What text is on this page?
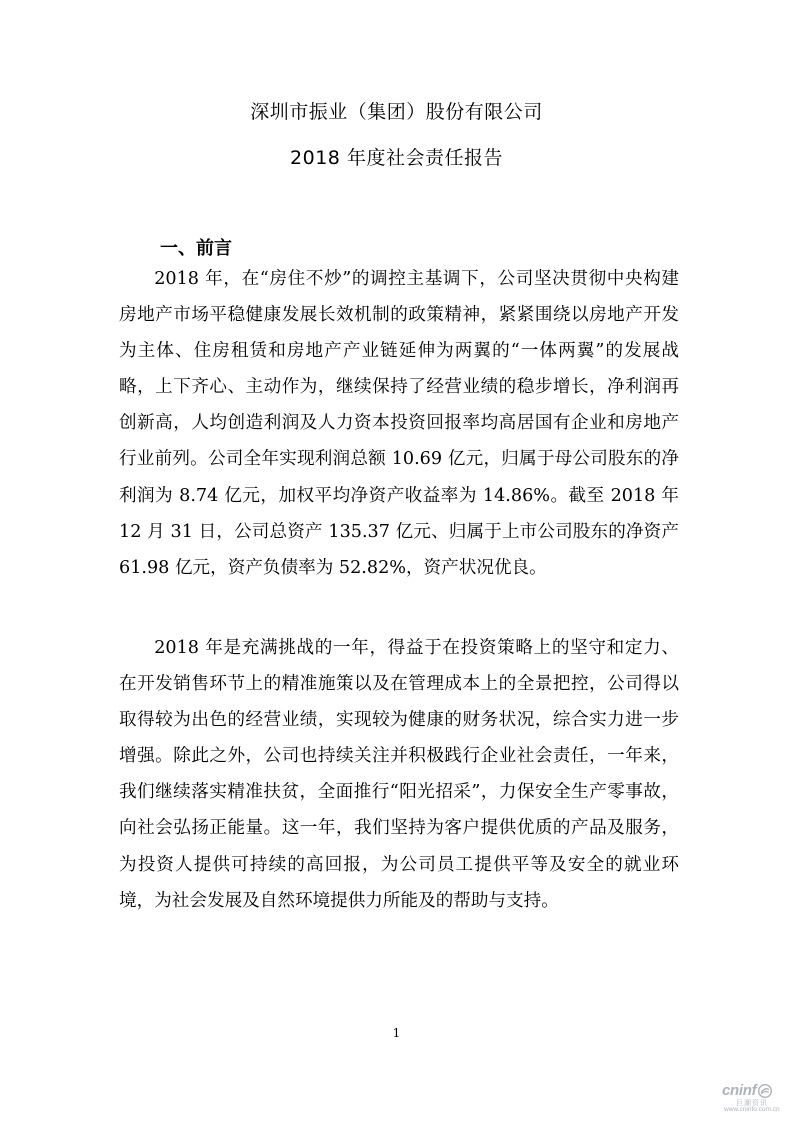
深圳市振业（集团）股份有限公司
2018 年度社会责任报告
一、前言

2018 年，在“房住不炒”的调控主基调下，公司坚决贯彻中央构建房地产市场平稳健康发展长效机制的政策精神，紧紧围绕以房地产开发为主体、住房租赁和房地产产业链延伸为两翼的“一体两翼”的发展战略，上下齐心、主动作为，继续保持了经营业绩的稳步增长，净利润再创新高，人均创造利润及人力资本投资回报率均高居国有企业和房地产行业前列。公司全年实现利润总额 10.69 亿元，归属于母公司股东的净利润为 8.74 亿元，加权平均净资产收益率为 14.86%。截至 2018 年 12 月 31 日，公司总资产 135.37 亿元、归属于上市公司股东的净资产 61.98 亿元，资产负债率为 52.82%，资产状况优良。

2018 年是充满挑战的一年，得益于在投资策略上的坚守和定力、在开发销售环节上的精准施策以及在管理成本上的全景把控，公司得以取得较为出色的经营业绩，实现较为健康的财务状况，综合实力进一步增强。除此之外，公司也持续关注并积极践行企业社会责任，一年来，我们继续落实精准扶贫，全面推行“阳光招采”，力保安全生产零事故，向社会弘扬正能量。这一年，我们坚持为客户提供优质的产品及服务，为投资人提供可持续的高回报，为公司员工提供平等及安全的就业环境，为社会发展及自然环境提供力所能及的帮助与支持。

1
cninf
巨潮资讯
www.cninfo.com.cn
